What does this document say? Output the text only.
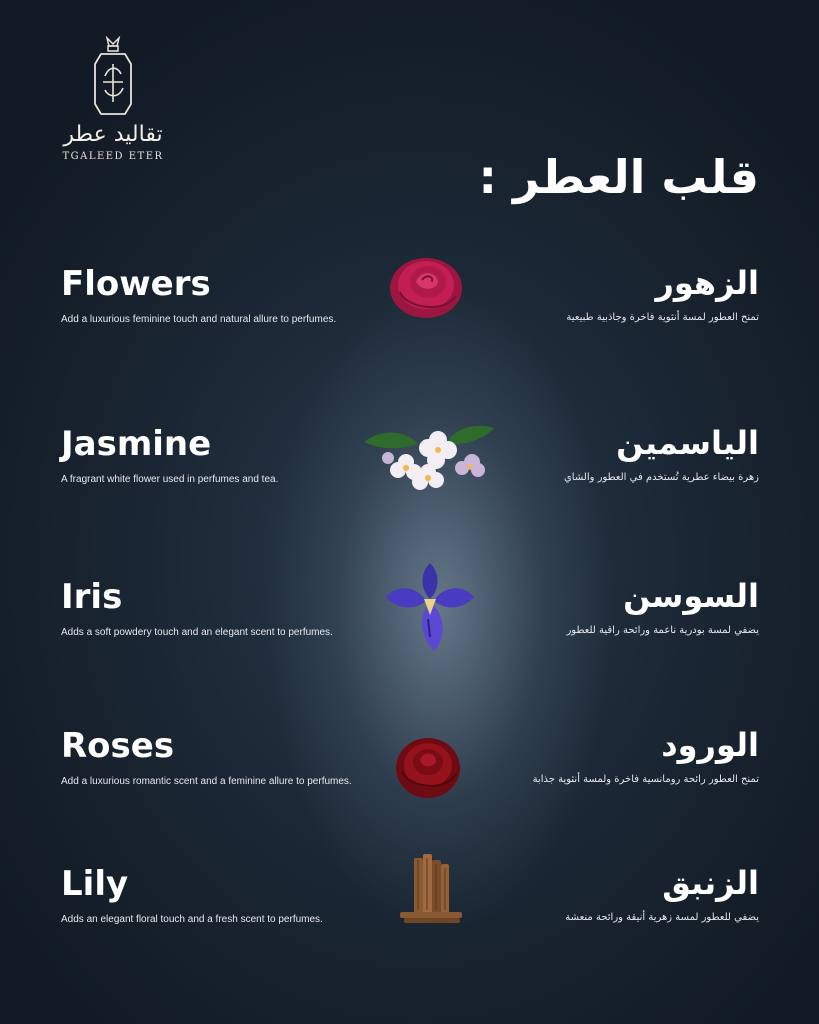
تقاليد عطر
TGALEED ETER	قلب العطر :
Flowers
Add a luxurious feminine touch and natural allure to perfumes.
الزهور
تمنح العطور لمسة أنثوية فاخرة وجاذبية طبيعية
Jasmine
A fragrant white flower used in perfumes and tea.
الياسمين
زهرة بيضاء عطرية تُستخدم في العطور والشاي
Iris
Adds a soft powdery touch and an elegant scent to perfumes.
السوسن
يضفي لمسة بودرية ناعمة ورائحة راقية للعطور
Roses
Add a luxurious romantic scent and a feminine allure to perfumes.
الورود
تمنح العطور رائحة رومانسية فاخرة ولمسة أنثوية جذابة
Lily
Adds an elegant floral touch and a fresh scent to perfumes.
الزنبق
يضفي للعطور لمسة زهرية أنيقة ورائحة منعشة
